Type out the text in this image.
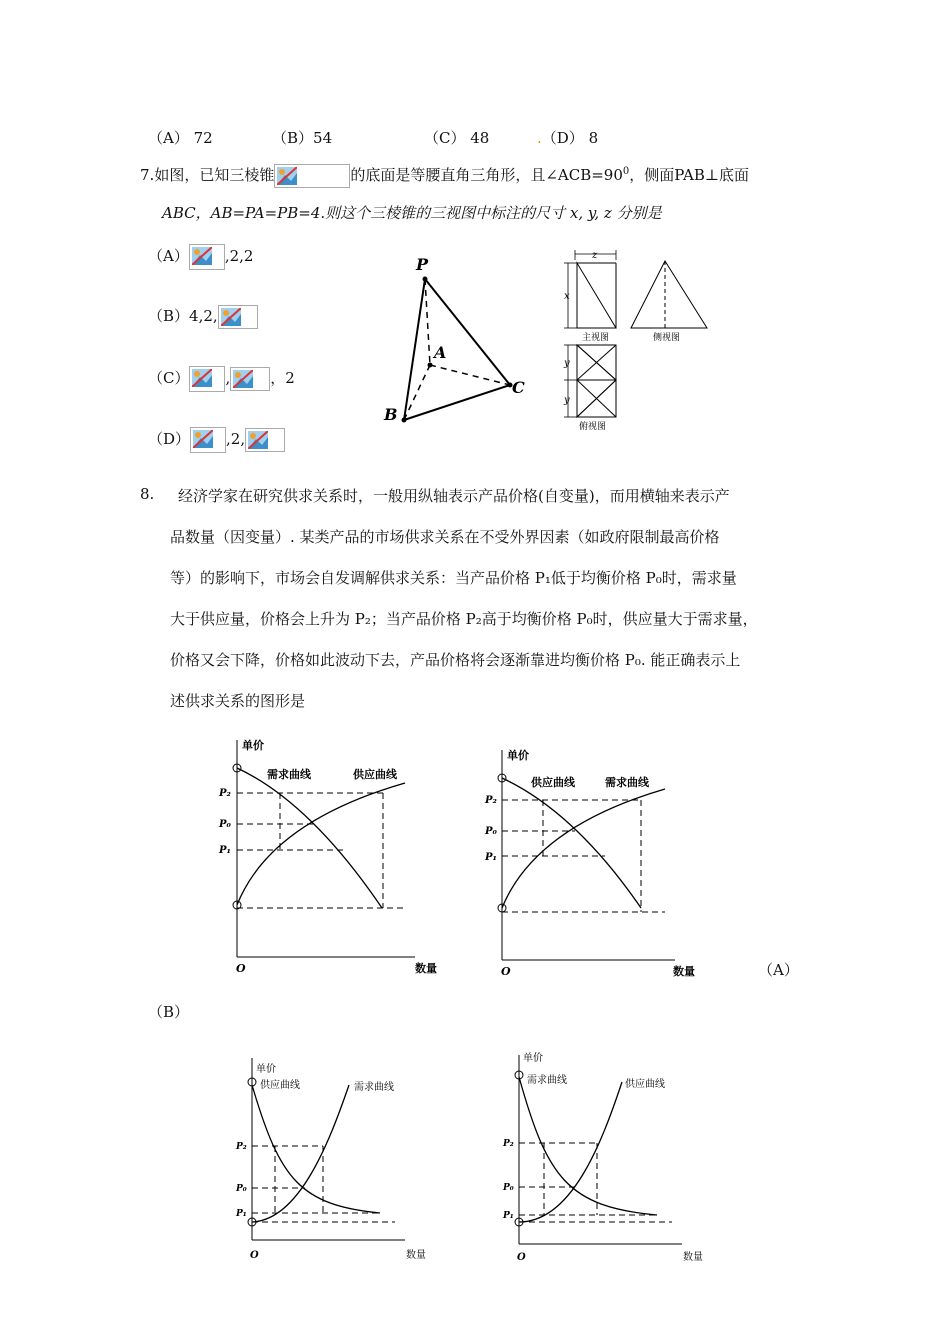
（A） 72	（B）54	（C） 48	.（D） 8
7.如图，已知三棱锥	的底面是等腰直角三角形，且$\angle ACB=90^0$，侧面PAB⊥底面
ABC，AB=PA=PB=4.则这个三棱锥的三视图中标注的尺寸 x, y, z 分别是
（A） ,2,2
（B）4,2,
（C） ,	，2
（D） ,2,
P
A
B
C
z
x
主视图	侧视图
y
y
俯视图
8. 经济学家在研究供求关系时，一般用纵轴表示产品价格(自变量)，而用横轴来表示产
品数量（因变量）. 某类产品的市场供求关系在不受外界因素（如政府限制最高价格
等）的影响下，市场会自发调解供求关系：当产品价格 P₁低于均衡价格 P₀时，需求量
大于供应量，价格会上升为 P₂；当产品价格 P₂高于均衡价格 P₀时，供应量大于需求量，
价格又会下降，价格如此波动下去，产品价格将会逐渐靠进均衡价格 P₀. 能正确表示上
述供求关系的图形是
单价
数量
O
需求曲线	供应曲线
P₂
P₀
P₁
单价
数量
O
供应曲线	需求曲线
P₂
P₀
P₁
（A）
（B）
单价
数量
O
供应曲线	需求曲线
P₂
P₀
P₁
单价
数量
O
需求曲线	供应曲线
P₂
P₀
P₁
